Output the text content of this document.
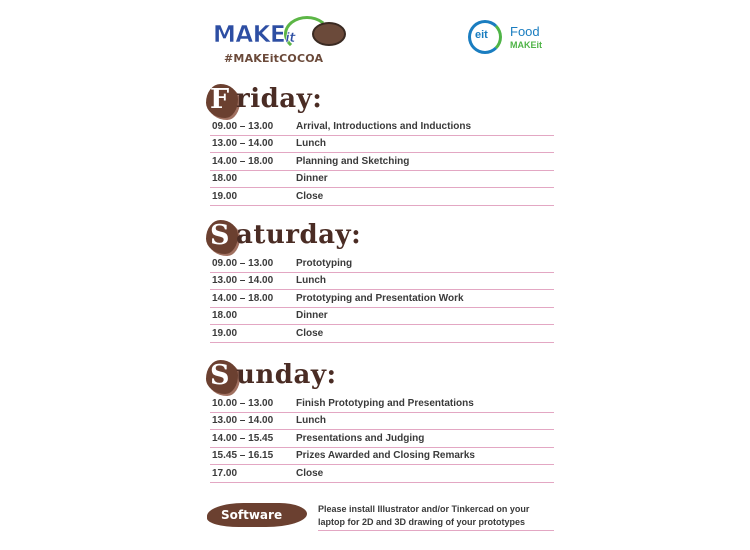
MAKEit
#MAKEitCOCOA
eit Food
MAKEit
F riday:
09.00 – 13.00 Arrival, Introductions and Inductions
13.00 – 14.00 Lunch
14.00 – 18.00 Planning and Sketching
18.00	Dinner
19.00	Close
S aturday:
09.00 – 13.00 Prototyping
13.00 – 14.00 Lunch
14.00 – 18.00 Prototyping and Presentation Work
18.00	Dinner
19.00	Close
S unday:
10.00 – 13.00 Finish Prototyping and Presentations
13.00 – 14.00 Lunch
14.00 – 15.45 Presentations and Judging
15.45 – 16.15 Prizes Awarded and Closing Remarks
17.00	Close
Software	Please install Illustrator and/or Tinkercad on your
laptop for 2D and 3D drawing of your prototypes
